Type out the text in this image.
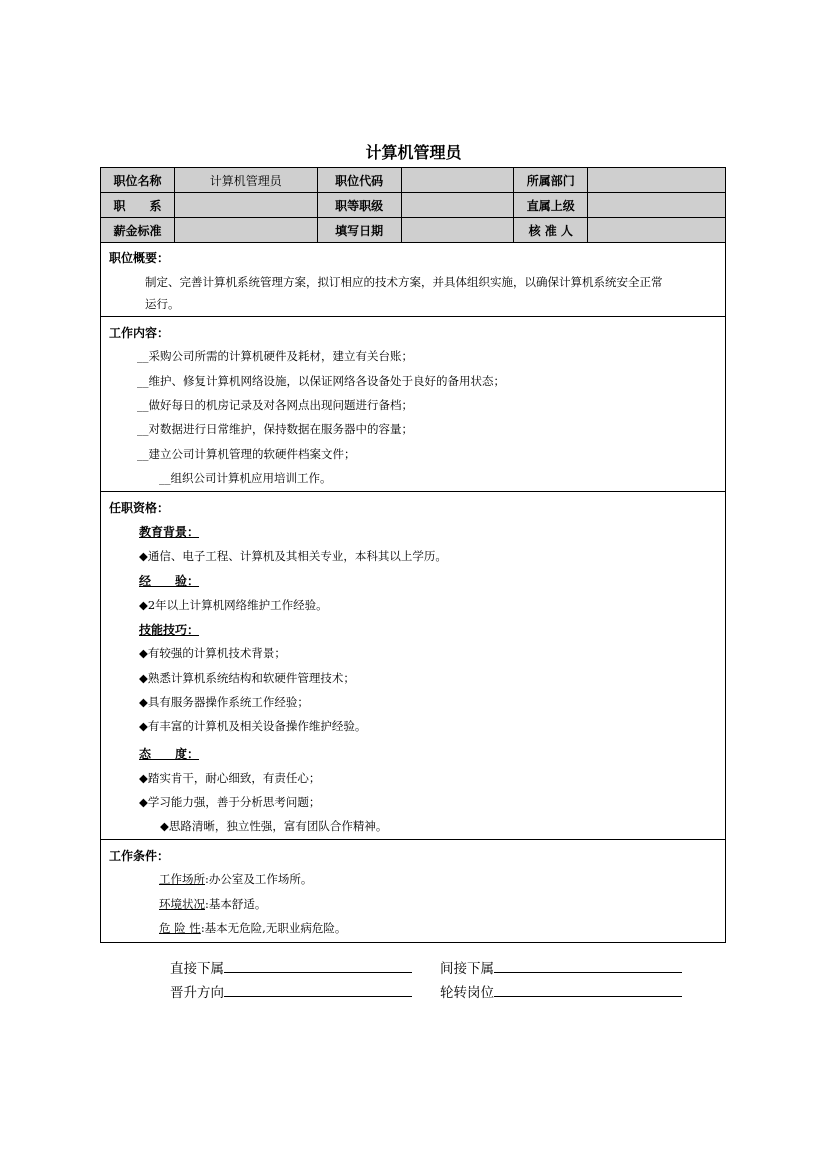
计算机管理员
职位名称	计算机管理员	职位代码		所属部门	
职　　系		职等职级		直属上级	
薪金标准		填写日期		核 准 人	
职位概要：
制定、完善计算机系统管理方案，拟订相应的技术方案，并具体组织实施，以确保计算机系统安全正常
运行。
工作内容：
__采购公司所需的计算机硬件及耗材，建立有关台账；
__维护、修复计算机网络设施，以保证网络各设备处于良好的备用状态；
__做好每日的机房记录及对各网点出现问题进行备档；
__对数据进行日常维护，保持数据在服务器中的容量；
__建立公司计算机管理的软硬件档案文件；
__组织公司计算机应用培训工作。
任职资格：
教育背景：
◆通信、电子工程、计算机及其相关专业，本科其以上学历。
经　　验：
◆2年以上计算机网络维护工作经验。
技能技巧：
◆有较强的计算机技术背景；
◆熟悉计算机系统结构和软硬件管理技术；
◆具有服务器操作系统工作经验；
◆有丰富的计算机及相关设备操作维护经验。
态　　度：
◆踏实肯干，耐心细致，有责任心；
◆学习能力强，善于分析思考问题；
◆思路清晰，独立性强，富有团队合作精神。
工作条件：
工作场所:办公室及工作场所。
环境状况:基本舒适。
危 险 性:基本无危险,无职业病危险。
直接下属	间接下属
晋升方向	轮转岗位
